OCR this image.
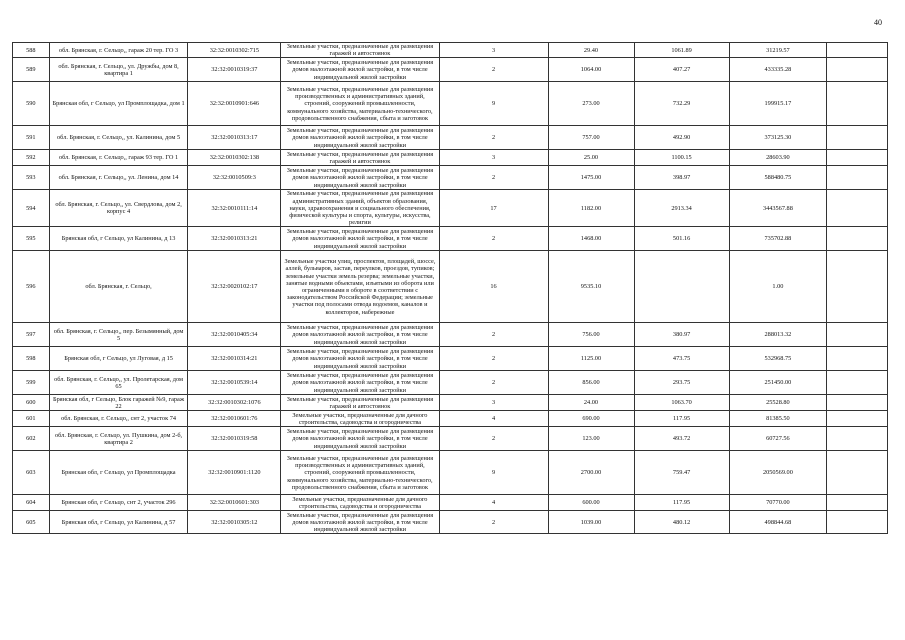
40
588	обл. Брянская, г. Сельцо,, гараж 20 тер. ГО 3	32:32:0010302:715	Земельные участки, предназначенные для размещения гаражей и автостоянок	3	29.40	1061.89	31219.57	
589	обл. Брянская, г. Сельцо,, ул. Дружбы, дом 8, квартира 1	32:32:0010319:37	Земельные участки, предназначенные для размещения домов малоэтажной жилой застройки, в том числе индивидуальной жилой застройки	2	1064.00	407.27	433335.28	
590	Брянская обл, г Сельцо, ул Промплощадка, дом 1	32:32:0010901:646	Земельные участки, предназначенные для размещения производственных и административных зданий, строений, сооружений промышленности, коммунального хозяйства, материально-технического, продовольственного снабжения, сбыта и заготовок	9	273.00	732.29	199915.17	
591	обл. Брянская, г. Сельцо,, ул. Калинина, дом 5	32:32:0010313:17	Земельные участки, предназначенные для размещения домов малоэтажной жилой застройки, в том числе индивидуальной жилой застройки	2	757.00	492.90	373125.30	
592	обл. Брянская, г. Сельцо,, гараж 93 тер. ГО 1	32:32:0010302:138	Земельные участки, предназначенные для размещения гаражей и автостоянок	3	25.00	1100.15	28603.90	
593	обл. Брянская, г. Сельцо,, ул. Ленина, дом 14	32:32:0010509:3	Земельные участки, предназначенные для размещения домов малоэтажной жилой застройки, в том числе индивидуальной жилой застройки	2	1475.00	398.97	588480.75	
594	обл. Брянская, г. Сельцо,, ул. Свердлова, дом 2, корпус 4	32:32:0010111:14	Земельные участки, предназначенные для размещения административных зданий, объектов образования, науки, здравоохранения и социального обеспечения, физической культуры и спорта, культуры, искусства, религии	17	1182.00	2913.34	3443567.88	
595	Брянская обл, г Сельцо, ул Калинина, д 13	32:32:0010313:21	Земельные участки, предназначенные для размещения домов малоэтажной жилой застройки, в том числе индивидуальной жилой застройки	2	1468.00	501.16	735702.88	
596	обл. Брянская, г. Сельцо,	32:32:0020102:17	Земельные участки улиц, проспектов, площадей, шоссе, аллей, бульваров, застав, переулков, проездов, тупиков; земельные участки земель резерва; земельные участки, занятые водными объектами, изъятыми из оборота или ограниченными в обороте в соответствии с законодательством Российской Федерации; земельные участки под полосами отвода водоемов, каналов и коллекторов, набережные	16	9535.10		1.00	
597	обл. Брянская, г. Сельцо,, пер. Безымянный, дом 5	32:32:0010405:34	Земельные участки, предназначенные для размещения домов малоэтажной жилой застройки, в том числе индивидуальной жилой застройки	2	756.00	380.97	288013.32	
598	Брянская обл, г Сельцо, ул Луговая, д 15	32:32:0010314:21	Земельные участки, предназначенные для размещения домов малоэтажной жилой застройки, в том числе индивидуальной жилой застройки	2	1125.00	473.75	532968.75	
599	обл. Брянская, г. Сельцо,, ул. Пролетарская, дом 65	32:32:0010539:14	Земельные участки, предназначенные для размещения домов малоэтажной жилой застройки, в том числе индивидуальной жилой застройки	2	856.00	293.75	251450.00	
600	Брянская обл, г Сельцо, Блок гаражей №9, гараж 22	32:32:0010302:1076	Земельные участки, предназначенные для размещения гаражей и автостоянок	3	24.00	1063.70	25528.80	
601	обл. Брянская, г. Сельцо,, снт 2, участок 74	32:32:0010601:76	Земельные участки, предназначенные для дачного строительства, садоводства и огородничества	4	690.00	117.95	81385.50	
602	обл. Брянская, г. Сельцо, ул. Пушкина, дом 2-б, квартира 2	32:32:0010319:58	Земельные участки, предназначенные для размещения домов малоэтажной жилой застройки, в том числе индивидуальной жилой застройки	2	123.00	493.72	60727.56	
603	Брянская обл, г Сельцо, ул Промплощадка	32:32:0010901:1120	Земельные участки, предназначенные для размещения производственных и административных зданий, строений, сооружений промышленности, коммунального хозяйства, материально-технического, продовольственного снабжения, сбыта и заготовок	9	2700.00	759.47	2050569.00	
604	Брянская обл, г Сельцо, снт 2, участок 296	32:32:0010601:303	Земельные участки, предназначенные для дачного строительства, садоводства и огородничества	4	600.00	117.95	70770.00	
605	Брянская обл, г Сельцо, ул Калинина, д 57	32:32:0010305:12	Земельные участки, предназначенные для размещения домов малоэтажной жилой застройки, в том числе индивидуальной жилой застройки	2	1039.00	480.12	498844.68	
